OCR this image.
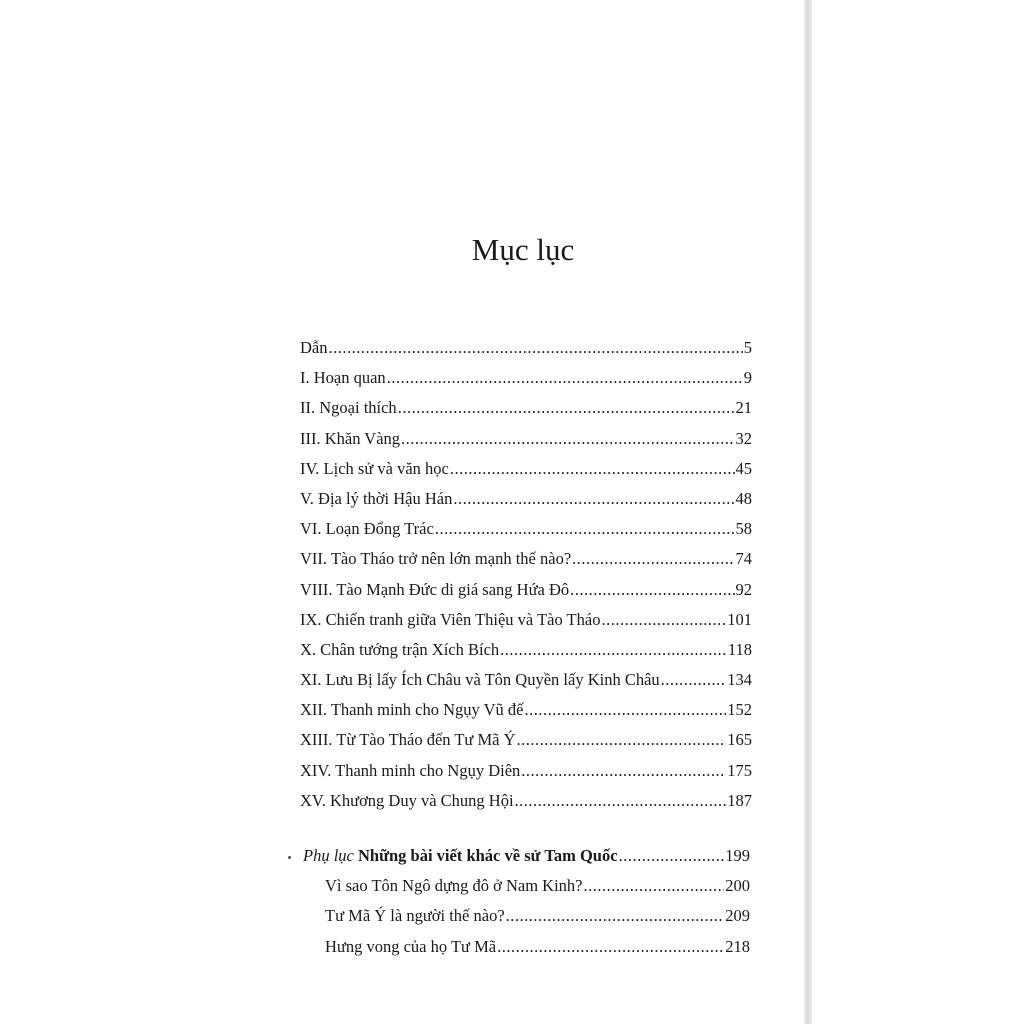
Mục lục
Dẫn .....	5
I. Hoạn quan .....	9
II. Ngoại thích .....	21
III. Khăn Vàng .....	32
IV. Lịch sử và văn học .....	45
V. Địa lý thời Hậu Hán .....	48
VI. Loạn Đổng Trác .....	58
VII. Tào Tháo trở nên lớn mạnh thế nào? .....	74
VIII. Tào Mạnh Đức di giá sang Hứa Đô .....	92
IX. Chiến tranh giữa Viên Thiệu và Tào Tháo .....	101
X. Chân tướng trận Xích Bích .....	118
XI. Lưu Bị lấy Ích Châu và Tôn Quyền lấy Kinh Châu .....	134
XII. Thanh minh cho Ngụy Vũ đế .....	152
XIII. Từ Tào Tháo đến Tư Mã Ý .....	165
XIV. Thanh minh cho Ngụy Diên .....	175
XV. Khương Duy và Chung Hội .....	187
Phụ lục Những bài viết khác về sử Tam Quốc .....	199
Vì sao Tôn Ngô dựng đô ở Nam Kinh? .....	200
Tư Mã Ý là người thế nào? .....	209
Hưng vong của họ Tư Mã .....	218
